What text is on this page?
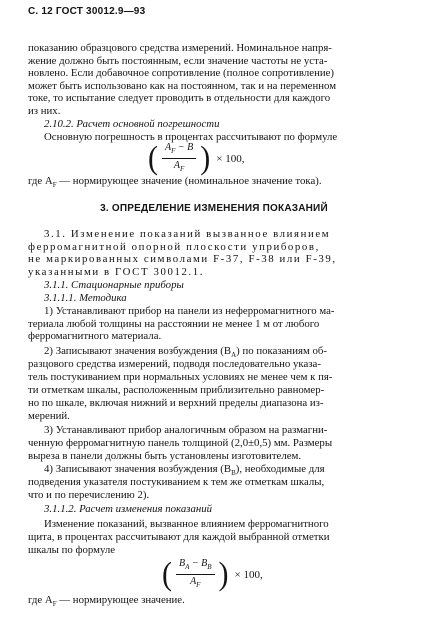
С. 12 ГОСТ 30012.9—93
показанию образцового средства измерений. Номинальное напря-
жение должно быть постоянным, если значение частоты не уста-
новлено. Если добавочное сопротивление (полное сопротивление)
может быть использовано как на постоянном, так и на переменном
токе, то испытание следует проводить в отдельности для каждого
из них.
2.10.2. Расчет основной погрешности
Основную погрешность в процентах рассчитывают по формуле
( $\frac{A_F - B}{A_F}$ ) × 100,
где $A_F$ — нормирующее значение (номинальное значение тока).
3. ОПРЕДЕЛЕНИЕ ИЗМЕНЕНИЯ ПОКАЗАНИЙ
3.1. Изменение показаний вызванное влиянием
ферромагнитной опорной плоскости уприборов,
не маркированных символами F-37, F-38 или F-39,
указанными в ГОСТ 30012.1.
3.1.1. Стационарные приборы
3.1.1.1. Методика
1) Устанавливают прибор на панели из неферромагнитного ма-
териала любой толщины на расстоянии не менее 1 м от любого
ферромагнитного материала.
2) Записывают значения возбуждения $(B_A)$ по показаниям об-
разцового средства измерений, подводя последовательно указа-
тель постукиванием при нормальных условиях не менее чем к пя-
ти отметкам шкалы, расположенным приблизительно равномер-
но по шкале, включая нижний и верхний пределы диапазона из-
мерений.
3) Устанавливают прибор аналогичным образом на размагни-
ченную ферромагнитную панель толщиной (2,0±0,5) мм. Размеры
выреза в панели должны быть установлены изготовителем.
4) Записывают значения возбуждения $(B_B)$, необходимые для
подведения указателя постукиванием к тем же отметкам шкалы,
что и по перечислению 2).
3.1.1.2. Расчет изменения показаний
Изменение показаний, вызванное влиянием ферромагнитного
щита, в процентах рассчитывают для каждой выбранной отметки
шкалы по формуле
( $\frac{B_A - B_B}{A_F}$ ) × 100,
где $A_F$ — нормирующее значение.
